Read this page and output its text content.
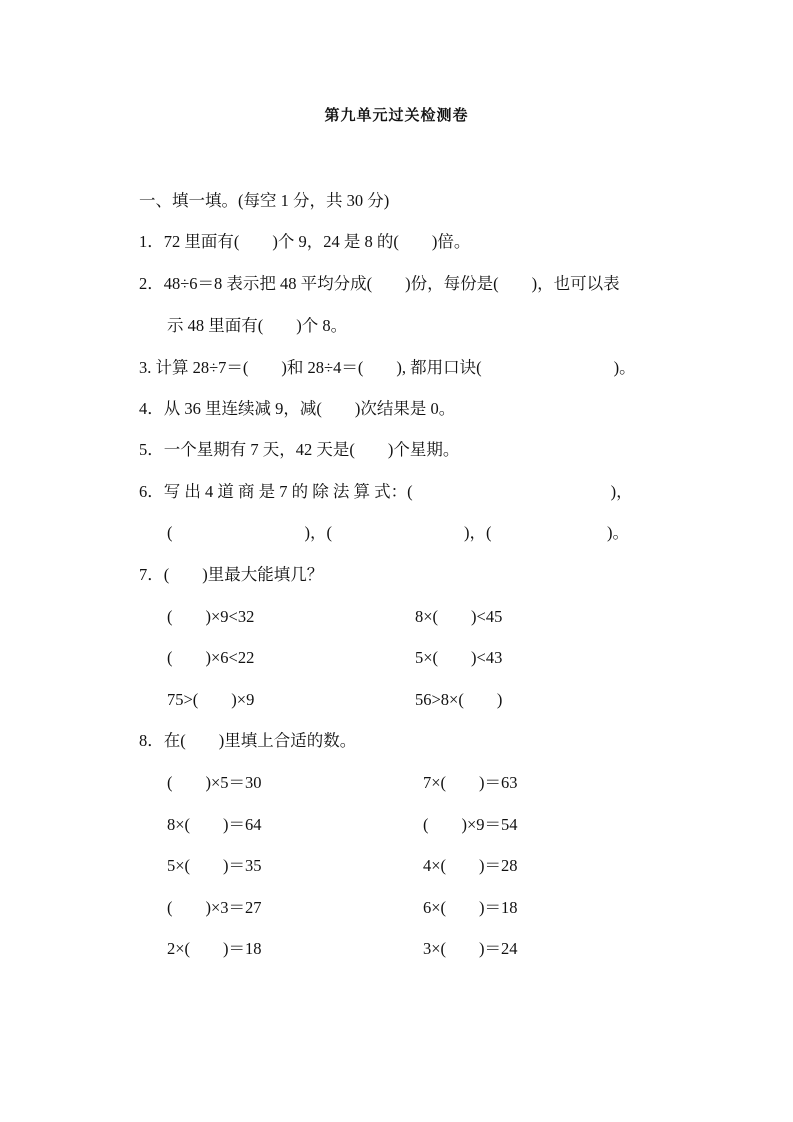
第九单元过关检测卷
一、填一填。(每空 1 分，共 30 分)
1．72 里面有(　　)个 9，24 是 8 的(　　)倍。
2．48÷6＝8 表示把 48 平均分成(　　)份，每份是(　　)，也可以表
示 48 里面有(　　)个 8。
3. 计算 28÷7＝(　　)和 28÷4＝(　　), 都用口诀(　　　　　　　　)。
4．从 36 里连续减 9，减(　　)次结果是 0。
5．一个星期有 7 天，42 天是(　　)个星期。
6．写 出 4 道 商 是 7 的 除 法 算 式：(　　　　　　　　　　　　)，
(　　　　　　　　)，(　　　　　　　　)，(　　　　　　　)。
7．(　　)里最大能填几？
(　　)×9<32	8×(　　)<45
(　　)×6<22	5×(　　)<43
75>(　　)×9	56>8×(　　)
8．在(　　)里填上合适的数。
(　　)×5＝30	7×(　　)＝63
8×(　　)＝64	(　　)×9＝54
5×(　　)＝35	4×(　　)＝28
(　　)×3＝27	6×(　　)＝18
2×(　　)＝18	3×(　　)＝24
